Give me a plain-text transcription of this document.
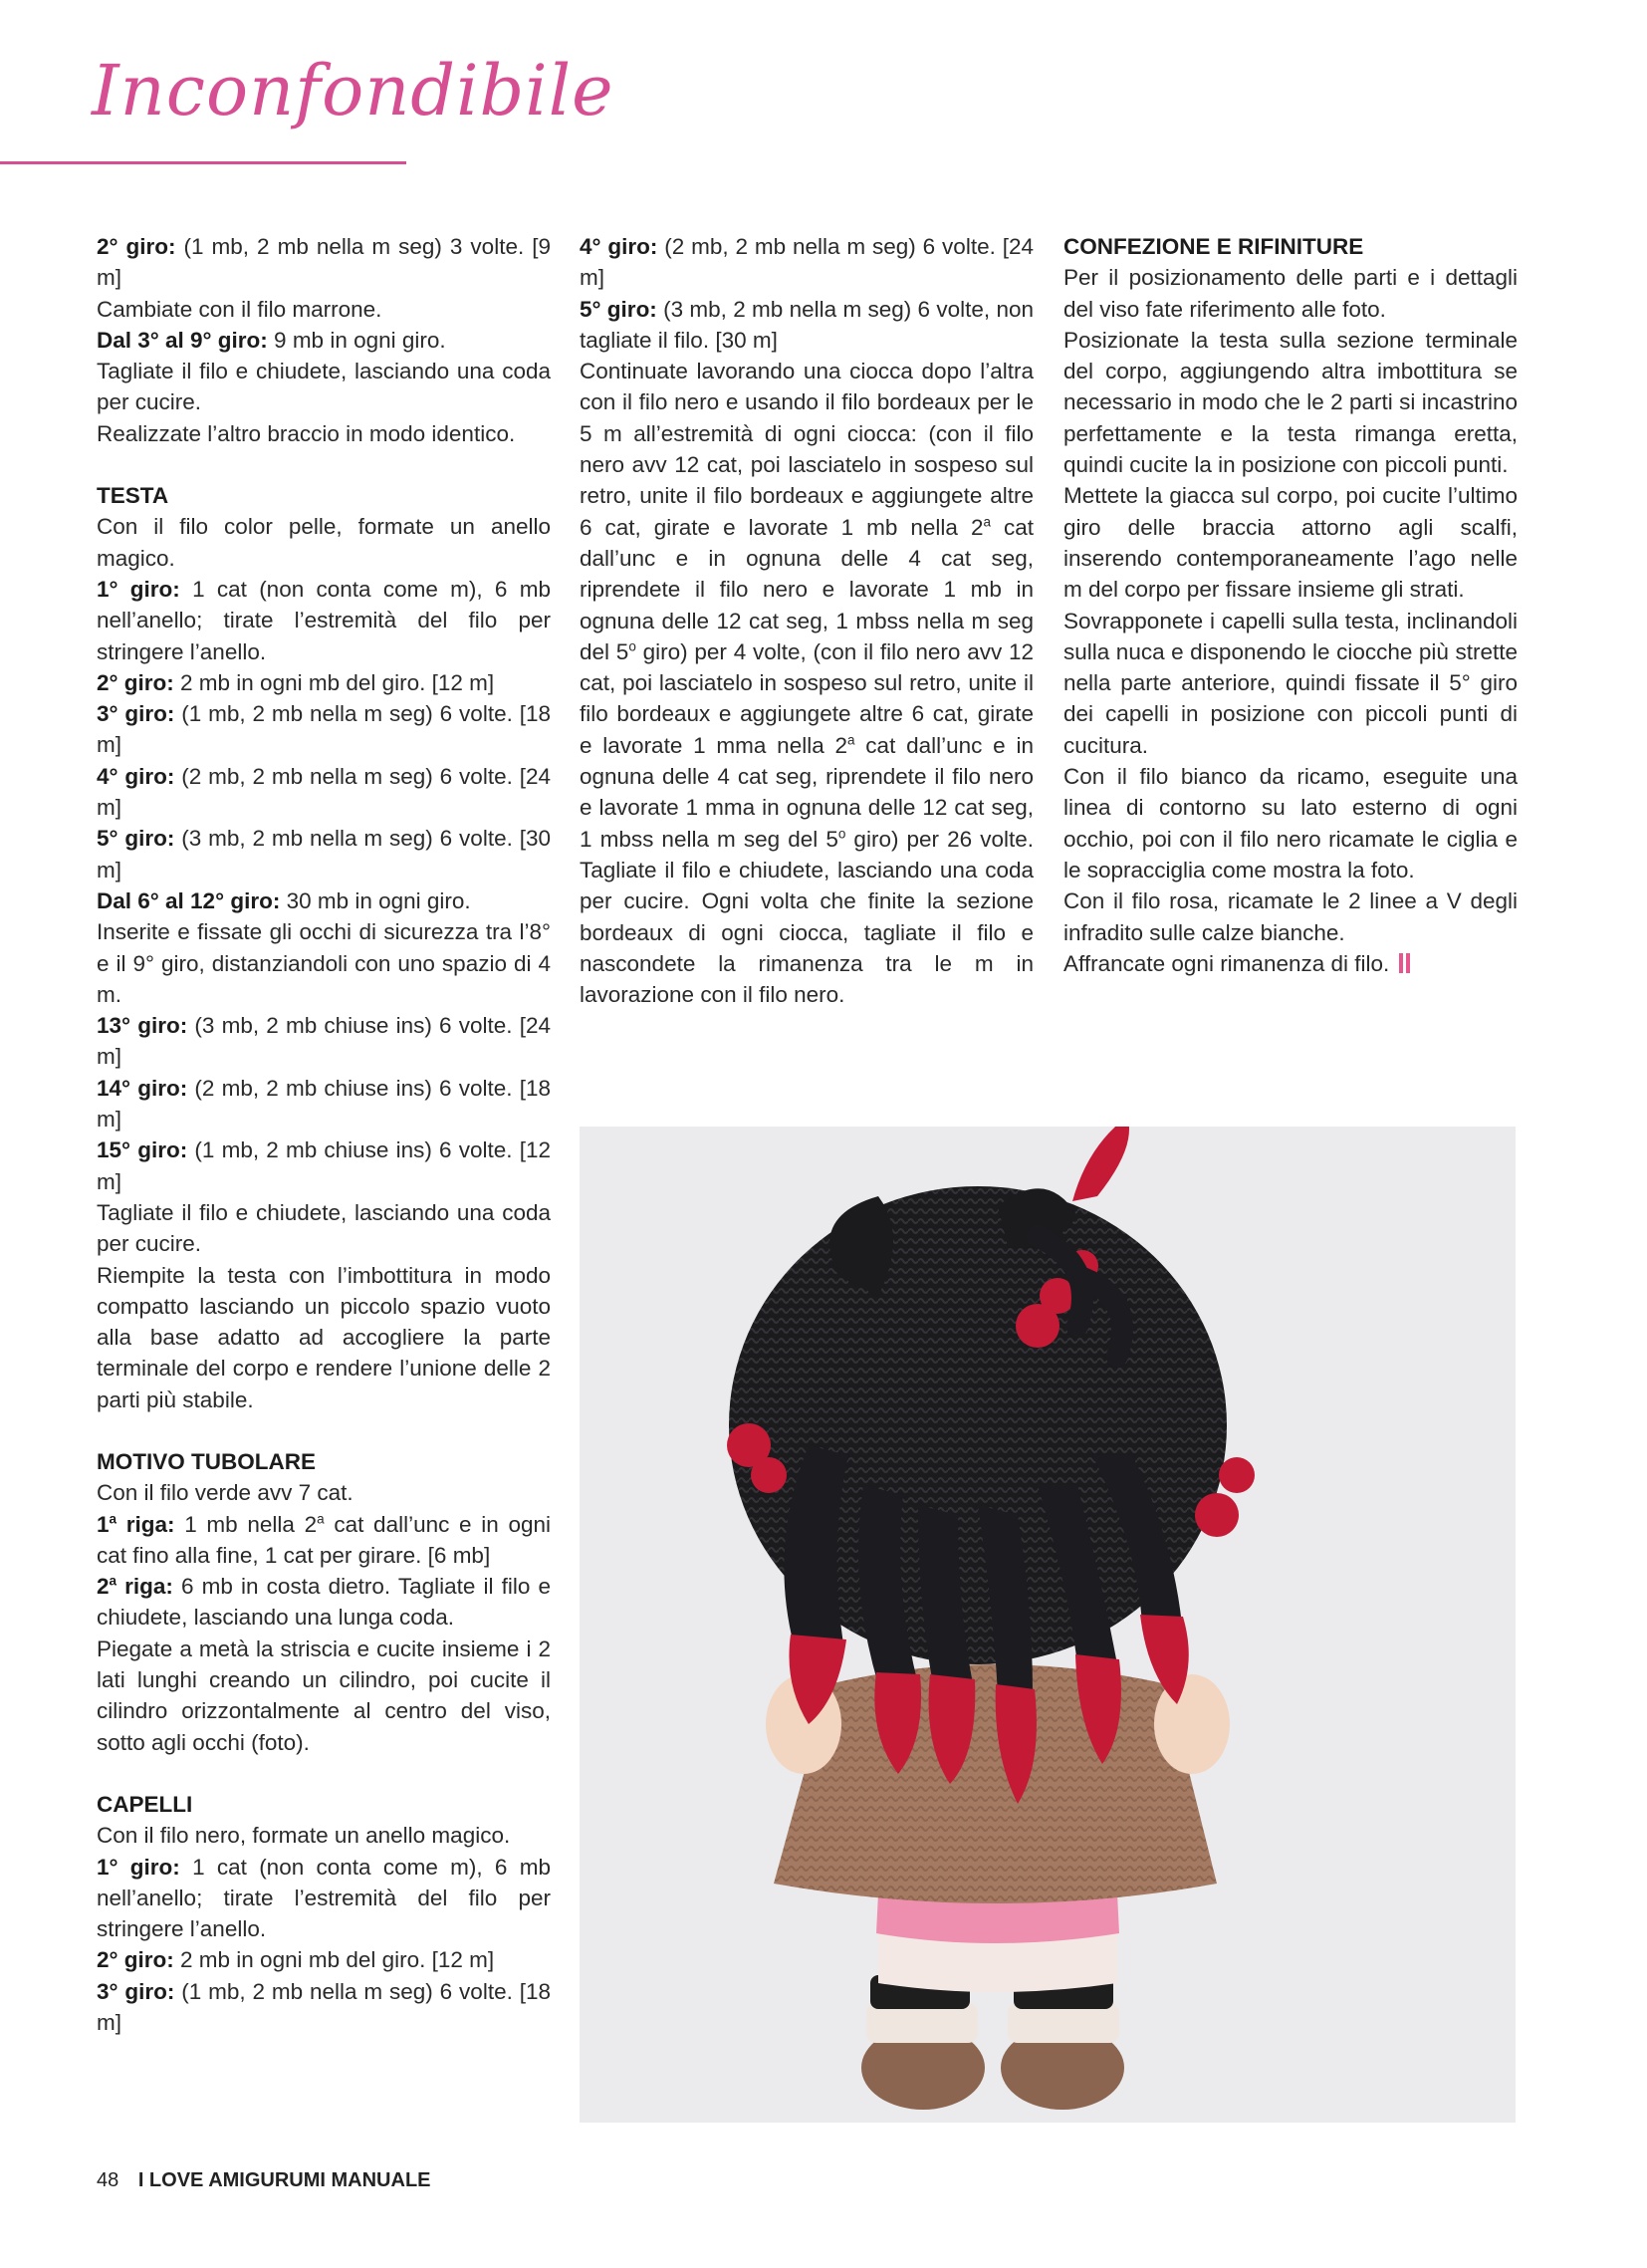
Inconfondibile

2° giro: (1 mb, 2 mb nella m seg) 3 volte. [9 m]

Cambiate con il filo marrone.

Dal 3° al 9° giro: 9 mb in ogni giro.

Tagliate il filo e chiudete, lasciando una coda per cucire.

Realizzate l’altro braccio in modo identico.

TESTA

Con il filo color pelle, formate un anello magico.

1° giro: 1 cat (non conta come m), 6 mb nell’anello; tirate l’estremità del filo per stringere l’anello.

2° giro: 2 mb in ogni mb del giro. [12 m]

3° giro: (1 mb, 2 mb nella m seg) 6 volte. [18 m]

4° giro: (2 mb, 2 mb nella m seg) 6 volte. [24 m]

5° giro: (3 mb, 2 mb nella m seg) 6 volte. [30 m]

Dal 6° al 12° giro: 30 mb in ogni giro.

Inserite e fissate gli occhi di sicurezza tra l’8° e il 9° giro, distanziandoli con uno spazio di 4 m.

13° giro: (3 mb, 2 mb chiuse ins) 6 volte. [24 m]

14° giro: (2 mb, 2 mb chiuse ins) 6 volte. [18 m]

15° giro: (1 mb, 2 mb chiuse ins) 6 volte. [12 m]

Tagliate il filo e chiudete, lasciando una coda per cucire.

Riempite la testa con l’imbottitura in modo compatto lasciando un piccolo spazio vuoto alla base adatto ad accogliere la parte terminale del corpo e rendere l’unione delle 2 parti più stabile.

MOTIVO TUBOLARE

Con il filo verde avv 7 cat.

1$^a$ riga: 1 mb nella 2$^a$ cat dall’unc e in ogni cat fino alla fine, 1 cat per girare. [6 mb]

2$^a$ riga: 6 mb in costa dietro. Tagliate il filo e chiudete, lasciando una lunga coda.

Piegate a metà la striscia e cucite insieme i 2 lati lunghi creando un cilindro, poi cucite il cilindro orizzontalmente al centro del viso, sotto agli occhi (foto).

CAPELLI

Con il filo nero, formate un anello magico.

1° giro: 1 cat (non conta come m), 6 mb nell’anello; tirate l’estremità del filo per stringere l’anello.

2° giro: 2 mb in ogni mb del giro. [12 m]

3° giro: (1 mb, 2 mb nella m seg) 6 volte. [18 m]

4° giro: (2 mb, 2 mb nella m seg) 6 volte. [24 m]

5° giro: (3 mb, 2 mb nella m seg) 6 volte, non tagliate il filo. [30 m]

Continuate lavorando una ciocca dopo l’altra con il filo nero e usando il filo bordeaux per le 5 m all’estremità di ogni ciocca: (con il filo nero avv 12 cat, poi lasciatelo in sospeso sul retro, unite il filo bordeaux e aggiungete altre 6 cat, girate e lavorate 1 mb nella 2$^a$ cat dall’unc e in ognuna delle 4 cat seg, riprendete il filo nero e lavorate 1 mb in ognuna delle 12 cat seg, 1 mbss nella m seg del 5$^o$ giro) per 4 volte, (con il filo nero avv 12 cat, poi lasciatelo in sospeso sul retro, unite il filo bordeaux e aggiungete altre 6 cat, girate e lavorate 1 mma nella 2$^a$ cat dall’unc e in ognuna delle 4 cat seg, riprendete il filo nero e lavorate 1 mma in ognuna delle 12 cat seg, 1 mbss nella m seg del 5$^o$ giro) per 26 volte. Tagliate il filo e chiudete, lasciando una coda per cucire. Ogni volta che finite la sezione bordeaux di ogni ciocca, tagliate il filo e nascondete la rimanenza tra le m in lavorazione con il filo nero.

CONFEZIONE E RIFINITURE

Per il posizionamento delle parti e i dettagli del viso fate riferimento alle foto.

Posizionate la testa sulla sezione terminale del corpo, aggiungendo altra imbottitura se necessario in modo che le 2 parti si incastrino perfettamente e la testa rimanga eretta, quindi cucite la in posizione con piccoli punti.

Mettete la giacca sul corpo, poi cucite l’ultimo giro delle braccia attorno agli scalfi, inserendo contemporaneamente l’ago nelle m del corpo per fissare insieme gli strati.

Sovrapponete i capelli sulla testa, inclinandoli sulla nuca e disponendo le ciocche più strette nella parte anteriore, quindi fissate il 5° giro dei capelli in posizione con piccoli punti di cucitura.

Con il filo bianco da ricamo, eseguite una linea di contorno su lato esterno di ogni occhio, poi con il filo nero ricamate le ciglia e le sopracciglia come mostra la foto.

Con il filo rosa, ricamate le 2 linee a V degli infradito sulle calze bianche.

Affrancate ogni rimanenza di filo.

48 I LOVE AMIGURUMI MANUALE
